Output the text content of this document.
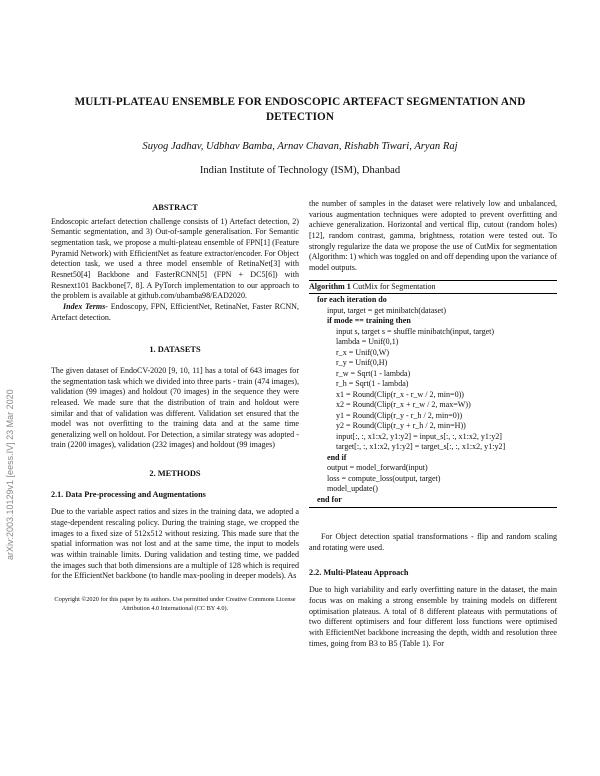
MULTI-PLATEAU ENSEMBLE FOR ENDOSCOPIC ARTEFACT SEGMENTATION AND
DETECTION
Suyog Jadhav, Udbhav Bamba, Arnav Chavan, Rishabh Tiwari, Aryan Raj
Indian Institute of Technology (ISM), Dhanbad
arXiv:2003.10129v1 [eess.IV] 23 Mar 2020
ABSTRACT

Endoscopic artefact detection challenge consists of 1) Artefact detection, 2) Semantic segmentation, and 3) Out-of-sample generalisation. For Semantic segmentation task, we propose a multi-plateau ensemble of FPN[1] (Feature Pyramid Network) with EfficientNet as feature extractor/encoder. For Object detection task, we used a three model ensemble of RetinaNet[3] with Resnet50[4] Backbone and FasterRCNN[5] (FPN + DC5[6]) with Resnext101 Backbone[7, 8]. A PyTorch implementation to our approach to the problem is available at github.com/ubamba98/EAD2020.

Index Terms- Endoscopy, FPN, EfficientNet, RetinaNet, Faster RCNN, Artefact detection.

1. DATASETS

The given dataset of EndoCV-2020 [9, 10, 11] has a total of 643 images for the segmentation task which we divided into three parts - train (474 images), validation (99 images) and holdout (70 images) in the sequence they were released. We made sure that the distribution of train and holdout were similar and that of validation was different. Validation set ensured that the model was not overfitting to the training data and at the same time generalizing well on holdout. For Detection, a similar strategy was adopted - train (2200 images), validation (232 images) and holdout (99 images)

2. METHODS
2.1. Data Pre-processing and Augmentations

Due to the variable aspect ratios and sizes in the training data, we adopted a stage-dependent rescaling policy. During the training stage, we cropped the images to a fixed size of 512x512 without resizing. This made sure that the spatial information was not lost and at the same time, the input to models was within trainable limits. During validation and testing time, we padded the images such that both dimensions are a multiple of 128 which is required for the EfficientNet backbone (to handle max-pooling in deeper models). As

Copyright ©2020 for this paper by its authors. Use permitted under Creative Commons License Attribution 4.0 International (CC BY 4.0).

the number of samples in the dataset were relatively low and unbalanced, various augmentation techniques were adopted to prevent overfitting and achieve generalization. Horizontal and vertical flip, cutout (random holes)[12], random contrast, gamma, brightness, rotation were tested out. To strongly regularize the data we propose the use of CutMix for segmentation (Algorithm: 1) which was toggled on and off depending upon the variance of model outputs.

Algorithm 1 CutMix for Segmentation
for each iteration do
input, target = get minibatch(dataset)
if mode == training then
input s, target s = shuffle minibatch(input, target)
lambda = Unif(0,1)
r_x = Unif(0,W)
r_y = Unif(0,H)
r_w = Sqrt(1 - lambda)
r_h = Sqrt(1 - lambda)
x1 = Round(Clip(r_x - r_w / 2, min=0))
x2 = Round(Clip(r_x + r_w / 2, max=W))
y1 = Round(Clip(r_y - r_h / 2, min=0))
y2 = Round(Clip(r_y + r_h / 2, min=H))
input[:, :, x1:x2, y1:y2] = input_s[:, :, x1:x2, y1:y2]
target[:, :, x1:x2, y1:y2] = target_s[:, :, x1:x2, y1:y2]
end if
output = model_forward(input)
loss = compute_loss(output, target)
model_update()
end for

For Object detection spatial transformations - flip and random scaling and rotating were used.

2.2. Multi-Plateau Approach

Due to high variability and early overfitting nature in the dataset, the main focus was on making a strong ensemble by training models on different optimisation plateaus. A total of 8 different plateaus with permutations of two different optimisers and four different loss functions were optimised with EfficientNet backbone increasing the depth, width and resolution three times, going from B3 to B5 (Table 1). For
